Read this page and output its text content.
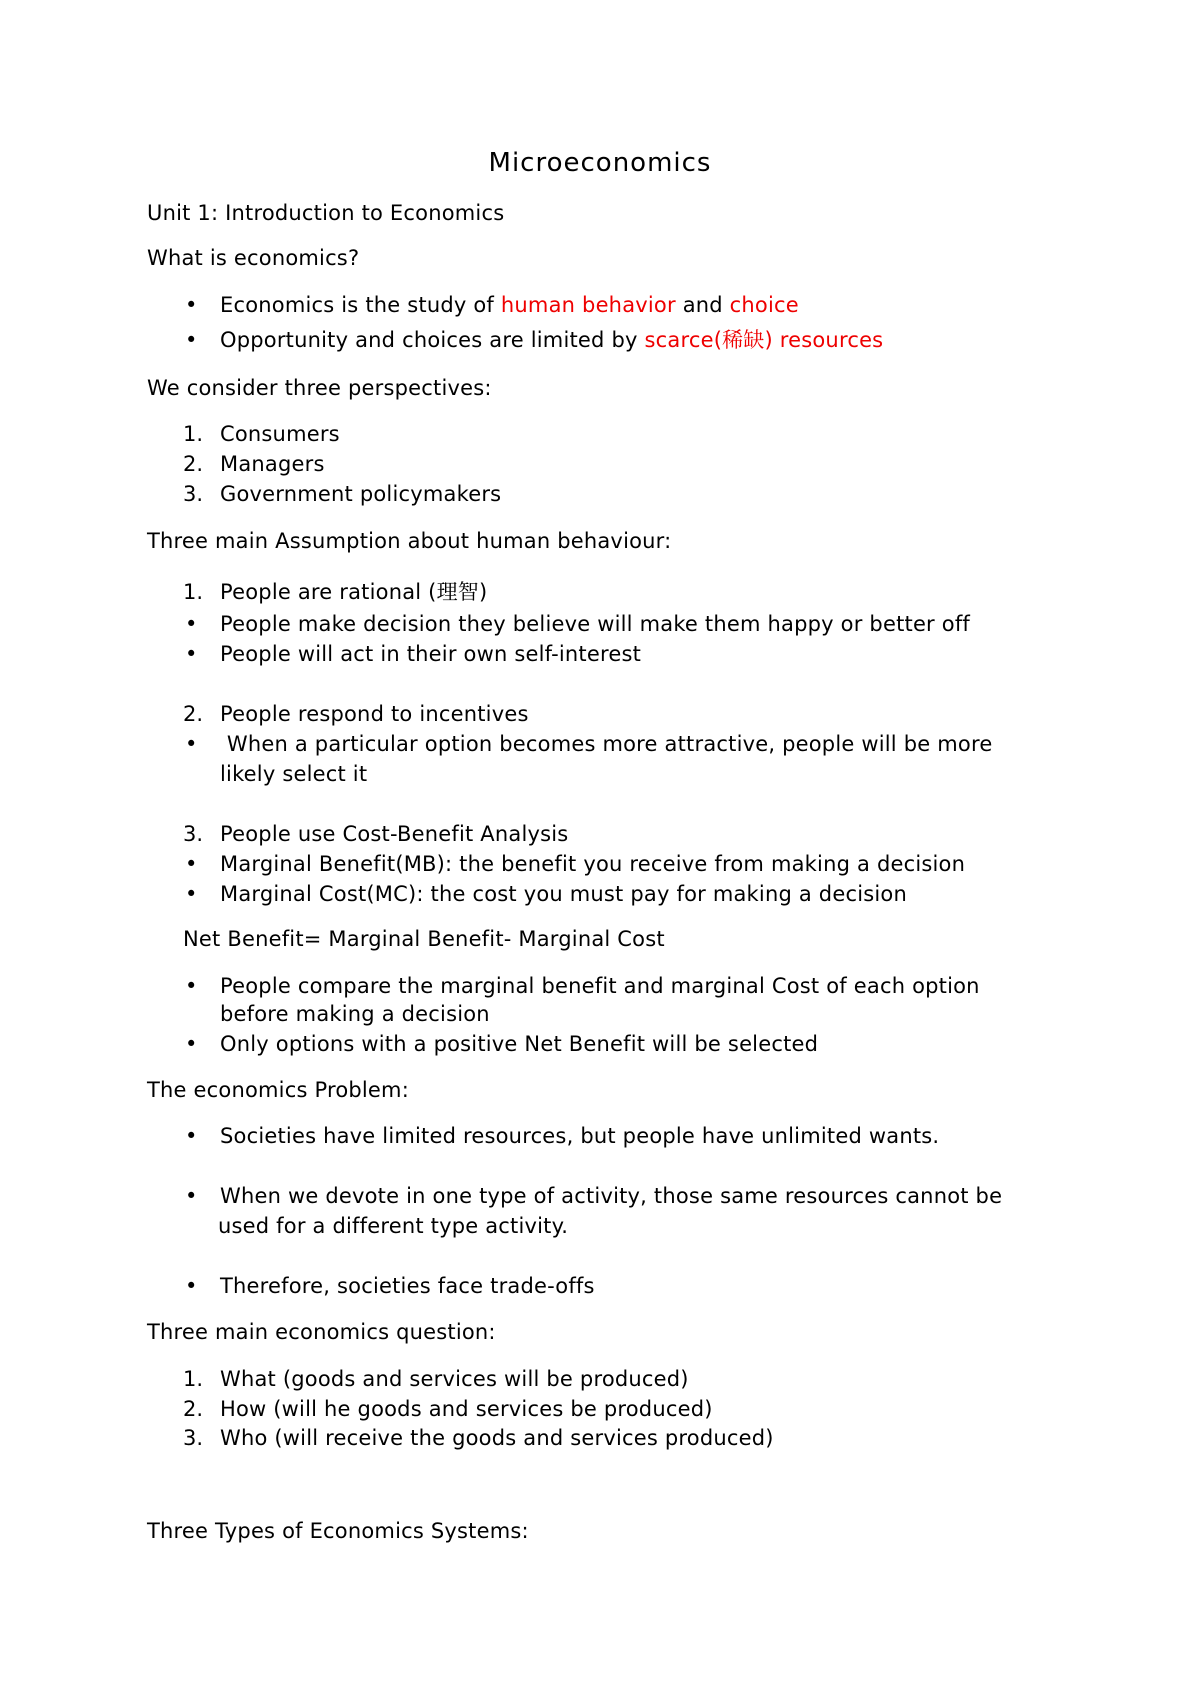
Microeconomics
Unit 1: Introduction to Economics
What is economics?
• Economics is the study of human behavior and choice
• Opportunity and choices are limited by scarce(稀缺) resources
We consider three perspectives:
1. Consumers
2. Managers
3. Government policymakers
Three main Assumption about human behaviour:
1. People are rational (理智)
• People make decision they believe will make them happy or better off
• People will act in their own self-interest
2. People respond to incentives
• When a particular option becomes more attractive, people will be more
likely select it
3. People use Cost-Benefit Analysis
• Marginal Benefit(MB): the benefit you receive from making a decision
• Marginal Cost(MC): the cost you must pay for making a decision
Net Benefit= Marginal Benefit- Marginal Cost
• People compare the marginal benefit and marginal Cost of each option
before making a decision
• Only options with a positive Net Benefit will be selected
The economics Problem:
• Societies have limited resources, but people have unlimited wants.
• When we devote in one type of activity, those same resources cannot be
used for a different type activity.
• Therefore, societies face trade-offs
Three main economics question:
1. What (goods and services will be produced)
2. How (will he goods and services be produced)
3. Who (will receive the goods and services produced)
Three Types of Economics Systems:
